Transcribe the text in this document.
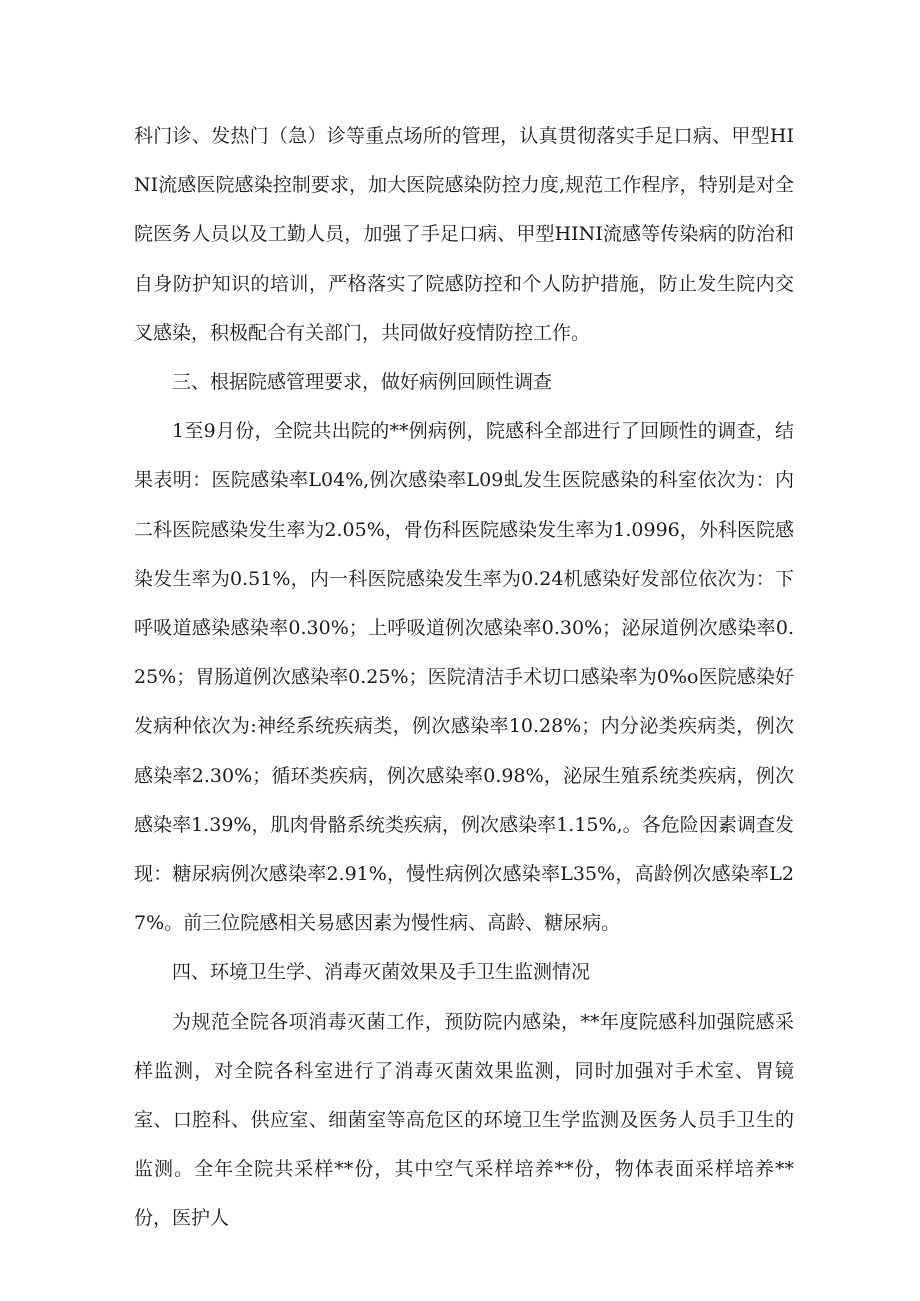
科门诊、发热门（急）诊等重点场所的管理，认真贯彻落实手足口病、甲型HINI流感医院感染控制要求，加大医院感染防控力度,规范工作程序，特别是对全院医务人员以及工勤人员，加强了手足口病、甲型HINI流感等传染病的防治和自身防护知识的培训，严格落实了院感防控和个人防护措施，防止发生院内交叉感染，积极配合有关部门，共同做好疫情防控工作。

三、根据院感管理要求，做好病例回顾性调查

1至9月份，全院共出院的**例病例，院感科全部进行了回顾性的调查，结果表明：医院感染率L04%,例次感染率L09虬发生医院感染的科室依次为：内二科医院感染发生率为2.05%，骨伤科医院感染发生率为1.0996，外科医院感染发生率为0.51%，内一科医院感染发生率为0.24机感染好发部位依次为：下呼吸道感染感染率0.30%；上呼吸道例次感染率0.30%；泌尿道例次感染率0.25%；胃肠道例次感染率0.25%；医院清洁手术切口感染率为0%o医院感染好发病种依次为:神经系统疾病类，例次感染率10.28%；内分泌类疾病类，例次感染率2.30%；循环类疾病，例次感染率0.98%，泌尿生殖系统类疾病，例次感染率1.39%，肌肉骨骼系统类疾病，例次感染率1.15%,。各危险因素调查发现：糖尿病例次感染率2.91%，慢性病例次感染率L35%，高龄例次感染率L27%。前三位院感相关易感因素为慢性病、高龄、糖尿病。

四、环境卫生学、消毒灭菌效果及手卫生监测情况

为规范全院各项消毒灭菌工作，预防院内感染，**年度院感科加强院感采样监测，对全院各科室进行了消毒灭菌效果监测，同时加强对手术室、胃镜室、口腔科、供应室、细菌室等高危区的环境卫生学监测及医务人员手卫生的监测。全年全院共采样**份，其中空气采样培养**份，物体表面采样培养**份，医护人
